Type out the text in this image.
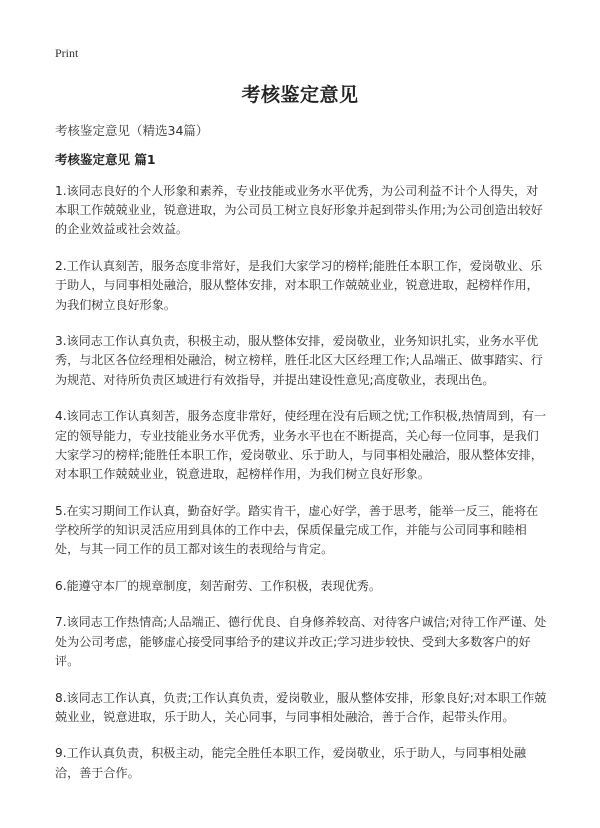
Print
考核鉴定意见
考核鉴定意见（精选34篇）
考核鉴定意见 篇1

1.该同志良好的个人形象和素养，专业技能或业务水平优秀，为公司利益不计个人得失，对本职工作兢兢业业，锐意进取，为公司员工树立良好形象并起到带头作用;为公司创造出较好的企业效益或社会效益。

2.工作认真刻苦，服务态度非常好，是我们大家学习的榜样;能胜任本职工作，爱岗敬业、乐于助人，与同事相处融洽，服从整体安排，对本职工作兢兢业业，锐意进取，起榜样作用，为我们树立良好形象。

3.该同志工作认真负责，积极主动，服从整体安排，爱岗敬业，业务知识扎实，业务水平优秀，与北区各位经理相处融洽，树立榜样，胜任北区大区经理工作;人品端正、做事踏实、行为规范、对待所负责区域进行有效指导，并提出建设性意见;高度敬业，表现出色。

4.该同志工作认真刻苦，服务态度非常好，使经理在没有后顾之忧;工作积极,热情周到，有一定的领导能力，专业技能业务水平优秀，业务水平也在不断提高，关心每一位同事，是我们大家学习的榜样;能胜任本职工作，爱岗敬业、乐于助人，与同事相处融洽，服从整体安排，对本职工作兢兢业业，锐意进取，起榜样作用，为我们树立良好形象。

5.在实习期间工作认真，勤奋好学。踏实肯干，虚心好学，善于思考，能举一反三，能将在学校所学的知识灵活应用到具体的工作中去，保质保量完成工作，并能与公司同事和睦相处，与其一同工作的员工都对该生的表现给与肯定。

6.能遵守本厂的规章制度，刻苦耐劳、工作积极，表现优秀。

7.该同志工作热情高;人品端正、德行优良、自身修养较高、对待客户诚信;对待工作严谨、处处为公司考虑，能够虚心接受同事给予的建议并改正;学习进步较快、受到大多数客户的好评。

8.该同志工作认真，负责;工作认真负责，爱岗敬业，服从整体安排，形象良好;对本职工作兢兢业业，锐意进取，乐于助人，关心同事，与同事相处融洽，善于合作，起带头作用。

9.工作认真负责，积极主动，能完全胜任本职工作，爱岗敬业，乐于助人，与同事相处融洽，善于合作。
